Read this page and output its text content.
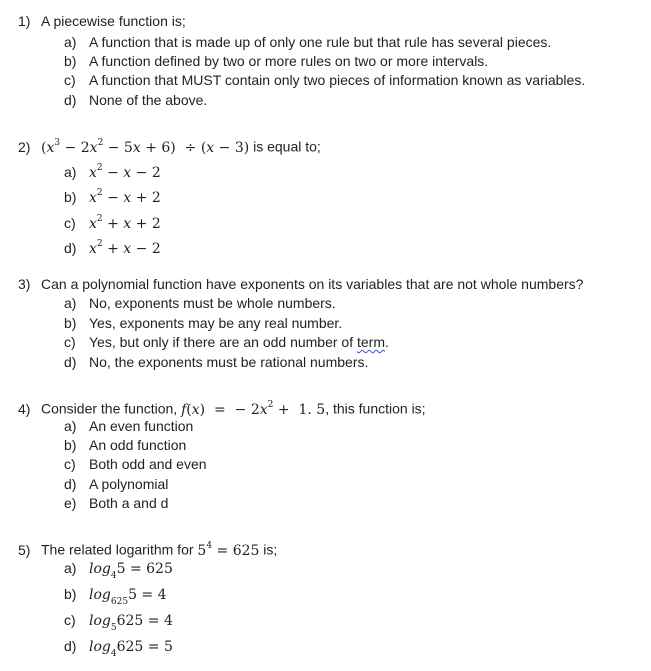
1) A piecewise function is;
a) A function that is made up of only one rule but that rule has several pieces.
b) A function defined by two or more rules on two or more intervals.
c) A function that MUST contain only two pieces of information known as variables.
d) None of the above.
2) $(x^3 - 2x^2 - 5x + 6) \div (x - 3)$ is equal to;
a) $x^2 - x - 2$
b) $x^2 - x + 2$
c) $x^2 + x + 2$
d) $x^2 + x - 2$
3) Can a polynomial function have exponents on its variables that are not whole numbers?
a) No, exponents must be whole numbers.
b) Yes, exponents may be any real number.
c) Yes, but only if there are an odd number of term.
d) No, the exponents must be rational numbers.
4) Consider the function, f(x)  =  − $2x^2 + 1$. 5, this function is;
a) An even function
b) An odd function
c) Both odd and even
d) A polynomial
e) Both a and d
5) The related logarithm for $5^4 = 625$ is;
a) $\log_45 = 625$
b) $\log_{625}5 = 4$
c) $\log_5625 = 4$
d) $\log_4625 = 5$
